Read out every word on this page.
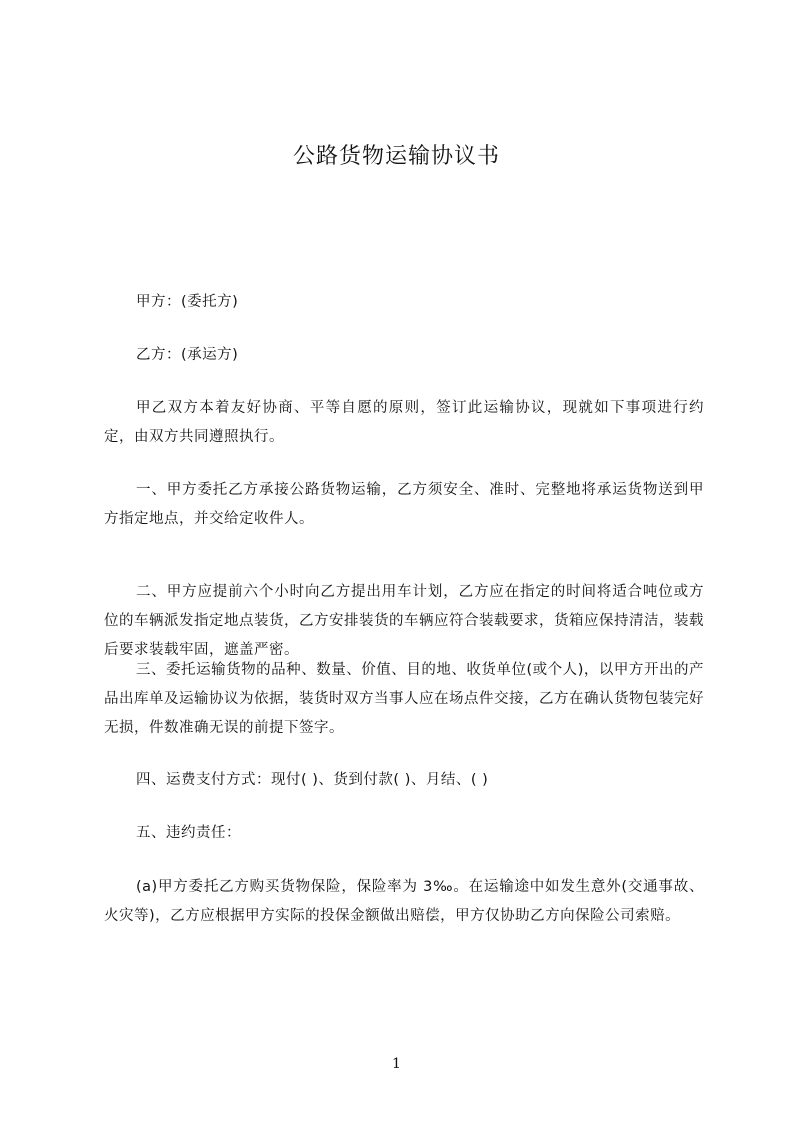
公路货物运输协议书

甲方：(委托方)

乙方：(承运方)

甲乙双方本着友好协商、平等自愿的原则，签订此运输协议，现就如下事项进行约定，由双方共同遵照执行。

一、甲方委托乙方承接公路货物运输，乙方须安全、准时、完整地将承运货物送到甲方指定地点，并交给定收件人。

二、甲方应提前六个小时向乙方提出用车计划，乙方应在指定的时间将适合吨位或方位的车辆派发指定地点装货，乙方安排装货的车辆应符合装载要求，货箱应保持清洁，装载后要求装载牢固，遮盖严密。

三、委托运输货物的品种、数量、价值、目的地、收货单位(或个人)，以甲方开出的产品出库单及运输协议为依据，装货时双方当事人应在场点件交接，乙方在确认货物包装完好无损，件数准确无误的前提下签字。

四、运费支付方式：现付( )、货到付款( )、月结、( )

五、违约责任：

(a)甲方委托乙方购买货物保险，保险率为 3‰。在运输途中如发生意外(交通事故、火灾等)，乙方应根据甲方实际的投保金额做出赔偿，甲方仅协助乙方向保险公司索赔。

1
